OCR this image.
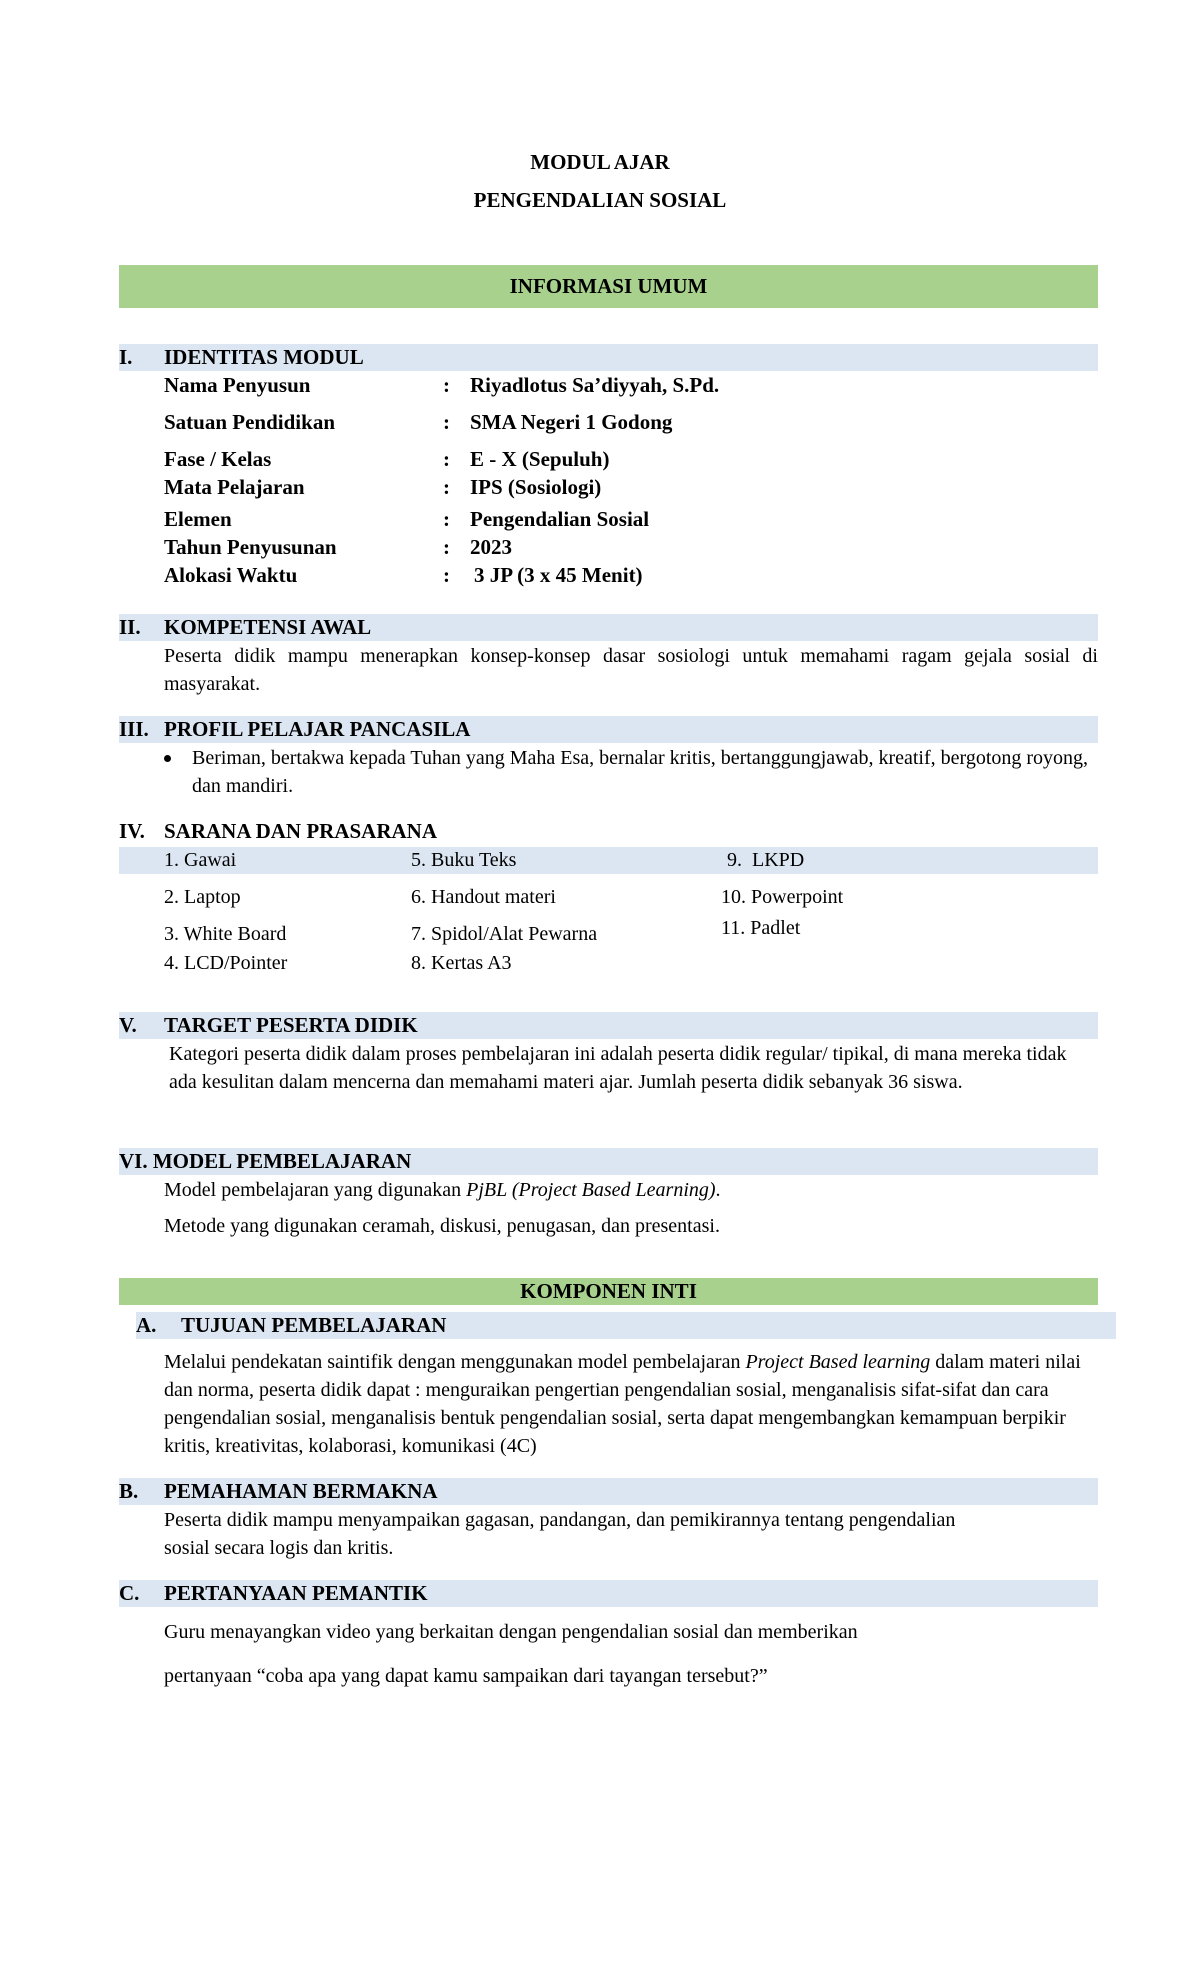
MODUL AJAR
PENGENDALIAN SOSIAL
INFORMASI UMUM
I. IDENTITAS MODUL
Nama Penyusun	: Riyadlotus Sa’diyyah, S.Pd.
Satuan Pendidikan	: SMA Negeri 1 Godong
Fase / Kelas	: E - X (Sepuluh)
Mata Pelajaran	: IPS (Sosiologi)
Elemen	: Pengendalian Sosial
Tahun Penyusunan	: 2023
Alokasi Waktu	: 3 JP (3 x 45 Menit)
II. KOMPETENSI AWAL
Peserta didik mampu menerapkan konsep-konsep dasar sosiologi untuk memahami ragam gejala sosial di masyarakat.
III. PROFIL PELAJAR PANCASILA
Beriman, bertakwa kepada Tuhan yang Maha Esa, bernalar kritis, bertanggungjawab, kreatif, bergotong royong, dan mandiri.
IV. SARANA DAN PRASARANA
1. Gawai
2. Laptop
3. White Board
4. LCD/Pointer
5. Buku Teks
6. Handout materi
7. Spidol/Alat Pewarna
8. Kertas A3
9.  LKPD
10. Powerpoint
11. Padlet
V. TARGET PESERTA DIDIK
Kategori peserta didik dalam proses pembelajaran ini adalah peserta didik regular/ tipikal, di mana mereka tidak ada kesulitan dalam mencerna dan memahami materi ajar. Jumlah peserta didik sebanyak 36 siswa.
VI. MODEL PEMBELAJARAN
Model pembelajaran yang digunakan PjBL (Project Based Learning).
Metode yang digunakan ceramah, diskusi, penugasan, dan presentasi.
KOMPONEN INTI
A. TUJUAN PEMBELAJARAN
Melalui pendekatan saintifik dengan menggunakan model pembelajaran Project Based learning dalam materi nilai dan norma, peserta didik dapat : menguraikan pengertian pengendalian sosial, menganalisis sifat-sifat dan cara pengendalian sosial, menganalisis bentuk pengendalian sosial, serta dapat mengembangkan kemampuan berpikir kritis, kreativitas, kolaborasi, komunikasi (4C)
B. PEMAHAMAN BERMAKNA
Peserta didik mampu menyampaikan gagasan, pandangan, dan pemikirannya tentang pengendalian sosial secara logis dan kritis.
C. PERTANYAAN PEMANTIK
Guru menayangkan video yang berkaitan dengan pengendalian sosial dan memberikan
pertanyaan “coba apa yang dapat kamu sampaikan dari tayangan tersebut?”
